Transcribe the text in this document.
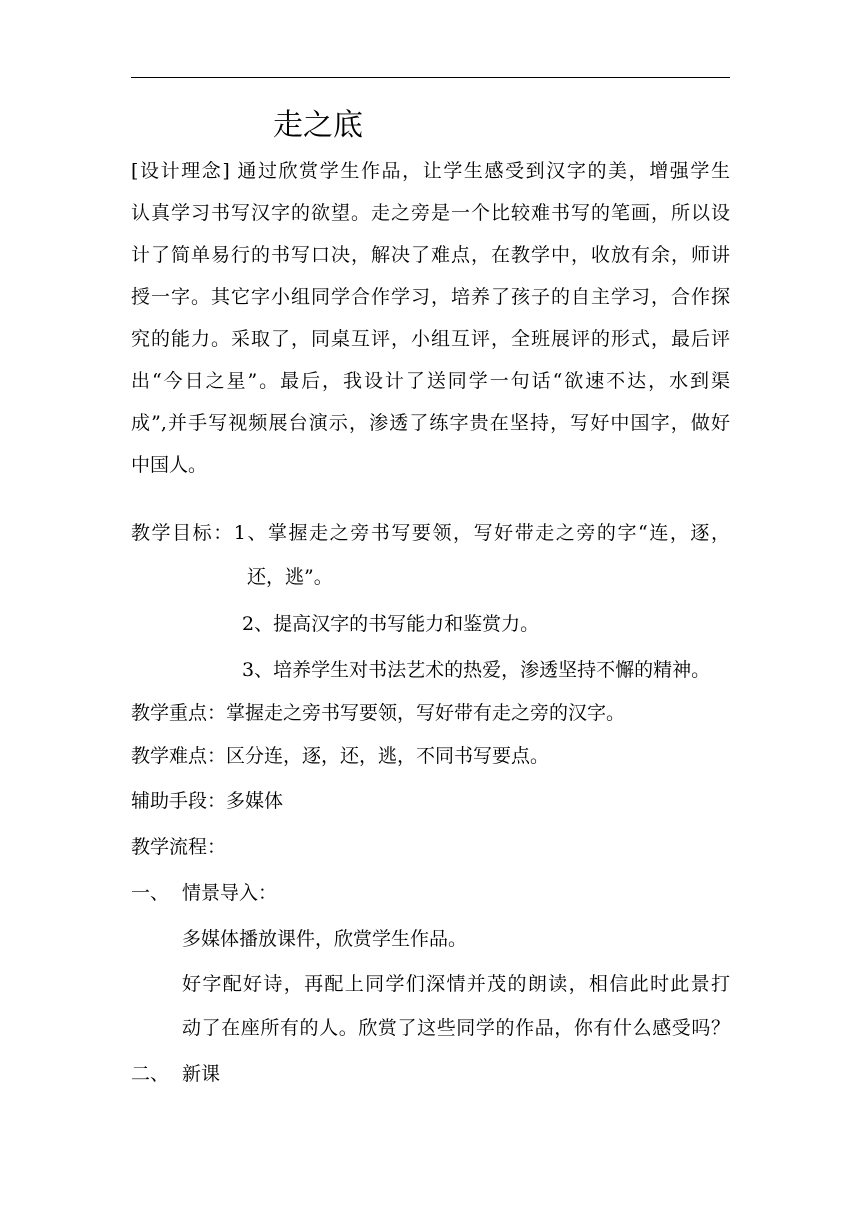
走之底
[设计理念] 通过欣赏学生作品，让学生感受到汉字的美，增强学生
认真学习书写汉字的欲望。走之旁是一个比较难书写的笔画，所以设
计了简单易行的书写口决，解决了难点，在教学中，收放有余，师讲
授一字。其它字小组同学合作学习，培养了孩子的自主学习，合作探
究的能力。采取了，同桌互评，小组互评，全班展评的形式，最后评
出“今日之星”。最后，我设计了送同学一句话“欲速不达，水到渠
成”,并手写视频展台演示，渗透了练字贵在坚持，写好中国字，做好
中国人。
教学目标：1、掌握走之旁书写要领，写好带走之旁的字“连，逐，
还，逃”。
2、提高汉字的书写能力和鉴赏力。
3、培养学生对书法艺术的热爱，渗透坚持不懈的精神。
教学重点：掌握走之旁书写要领，写好带有走之旁的汉字。
教学难点：区分连，逐，还，逃，不同书写要点。
辅助手段：多媒体
教学流程：
一、 情景导入：
多媒体播放课件，欣赏学生作品。
好字配好诗，再配上同学们深情并茂的朗读，相信此时此景打
动了在座所有的人。欣赏了这些同学的作品，你有什么感受吗？
二、 新课
